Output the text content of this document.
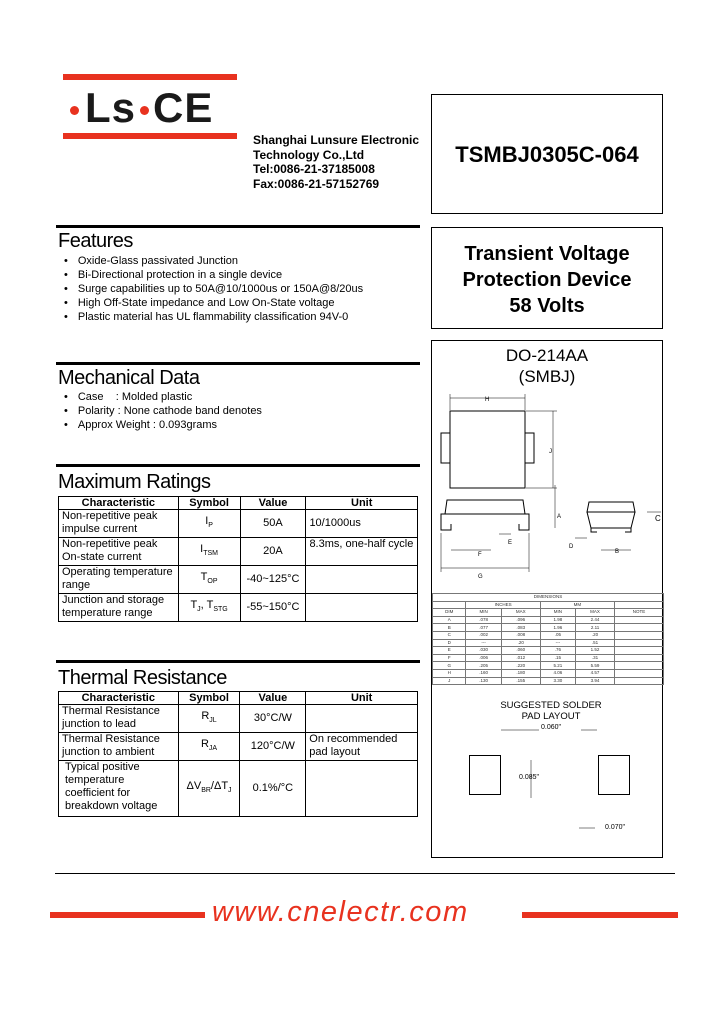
Ls CE
Shanghai Lunsure Electronic
Technology Co.,Ltd
Tel:0086-21-37185008
Fax:0086-21-57152769
TSMBJ0305C-064
Transient Voltage
Protection Device
58 Volts
Features
• Oxide-Glass passivated Junction
• Bi-Directional protection in a single device
• Surge capabilities up to 50A@10/1000us or 150A@8/20us
• High Off-State impedance and Low On-State voltage
• Plastic material has UL flammability classification 94V-0
Mechanical Data
• Case    : Molded plastic
• Polarity : None cathode band denotes
• Approx Weight : 0.093grams
Maximum Ratings
Characteristic	Symbol	Value	Unit
Non-repetitive peak impulse current	$I_P$	50A	10/1000us
Non-repetitive peak On-state current	$I_{TSM}$	20A	8.3ms, one-half cycle
Operating temperature range	$T_{OP}$	-40~125°C	
Junction and storage temperature range	$T_J$, $T_{STG}$	-55~150°C	
Thermal Resistance
Characteristic	Symbol	Value	Unit
Thermal Resistance junction to lead	$R_{JL}$	30°C/W	
Thermal Resistance junction to ambient	$R_{JA}$	120°C/W	On recommended pad layout
Typical positive temperature coefficient for breakdown voltage	$\Delta V_{BR}/\Delta T_J$	0.1%/°C	
DO-214AA
(SMBJ)
H
J
A	C
D
E
F	B
G
DIMENSIONS					
	INCHES		MM		
DIM	MIN	MAX	MIN	MAX	NOTE
A	.078	.096	1.98	2.44	
B	.077	.083	1.96	2.11	
C	.002	.008	.05	.20	
D	---	.20	---	.51	
E	.030	.060	.76	1.52	
F	.006	.012	.15	.31	
G	.205	.220	5.21	5.59	
H	.160	.180	4.06	4.57	
J	.130	.155	3.30	3.94	
SUGGESTED SOLDER
PAD LAYOUT
0.060"
0.085"
0.070"
www.cnelectr.com
